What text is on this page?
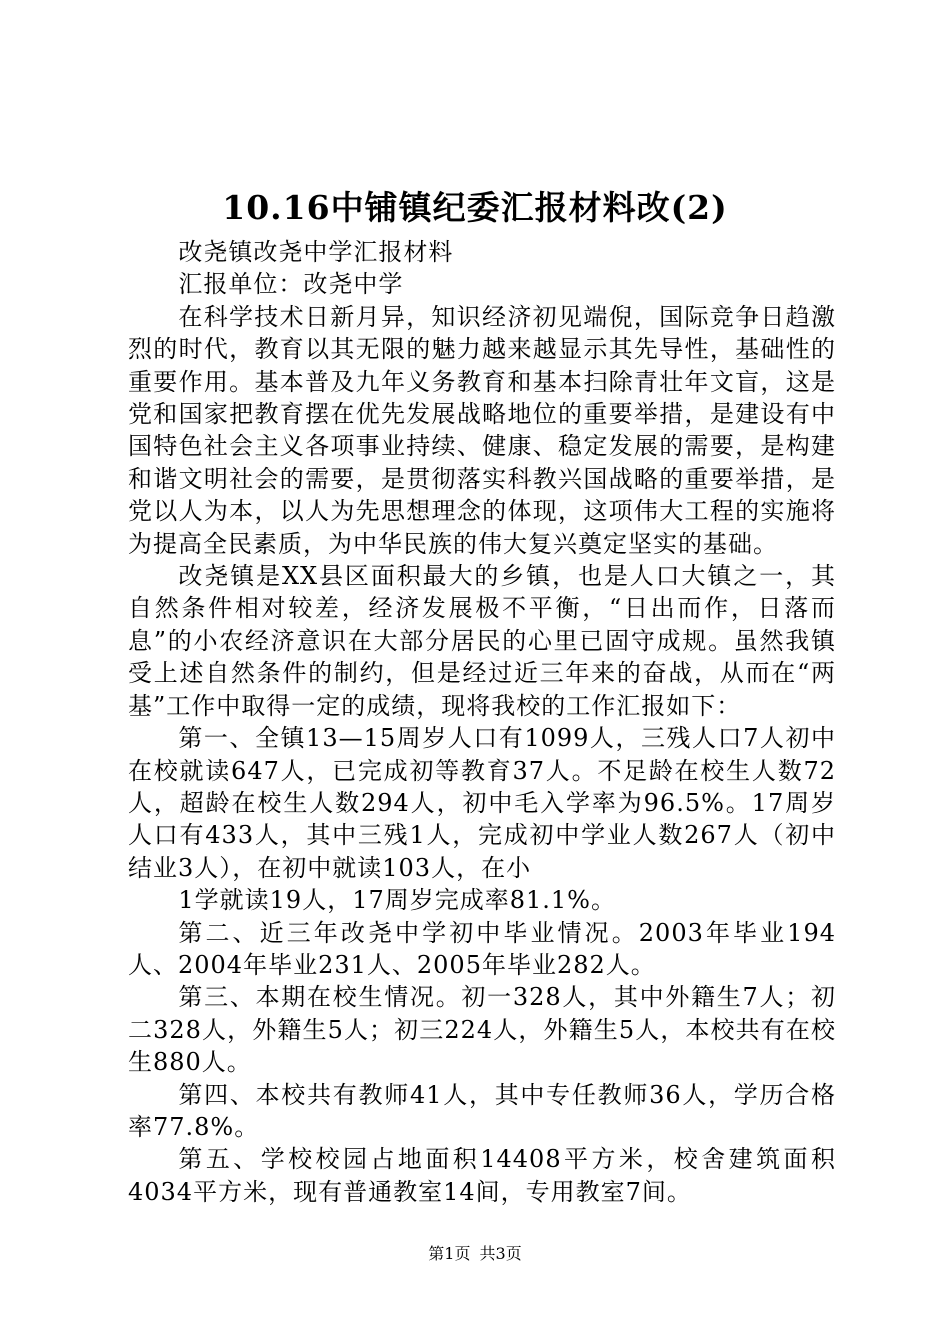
10.16中铺镇纪委汇报材料改(2)

改尧镇改尧中学汇报材料

汇报单位：改尧中学

在科学技术日新月异，知识经济初见端倪，国际竞争日趋激烈的时代，教育以其无限的魅力越来越显示其先导性，基础性的重要作用。基本普及九年义务教育和基本扫除青壮年文盲，这是党和国家把教育摆在优先发展战略地位的重要举措，是建设有中国特色社会主义各项事业持续、健康、稳定发展的需要，是构建和谐文明社会的需要，是贯彻落实科教兴国战略的重要举措，是党以人为本，以人为先思想理念的体现，这项伟大工程的实施将为提高全民素质，为中华民族的伟大复兴奠定坚实的基础。

改尧镇是XX县区面积最大的乡镇，也是人口大镇之一，其自然条件相对较差，经济发展极不平衡，“日出而作，日落而息”的小农经济意识在大部分居民的心里已固守成规。虽然我镇受上述自然条件的制约，但是经过近三年来的奋战，从而在“两基”工作中取得一定的成绩，现将我校的工作汇报如下：

第一、全镇13—15周岁人口有1099人，三残人口7人初中在校就读647人，已完成初等教育37人。不足龄在校生人数72人，超龄在校生人数294人，初中毛入学率为96.5%。17周岁人口有433人，其中三残1人，完成初中学业人数267人（初中结业3人），在初中就读103人，在小

1学就读19人，17周岁完成率81.1%。

第二、近三年改尧中学初中毕业情况。2003年毕业194人、2004年毕业231人、2005年毕业282人。

第三、本期在校生情况。初一328人，其中外籍生7人；初二328人，外籍生5人；初三224人，外籍生5人，本校共有在校生880人。

第四、本校共有教师41人，其中专任教师36人，学历合格率77.8%。

第五、学校校园占地面积14408平方米，校舍建筑面积4034平方米，现有普通教室14间，专用教室7间。

第1页 共3页
